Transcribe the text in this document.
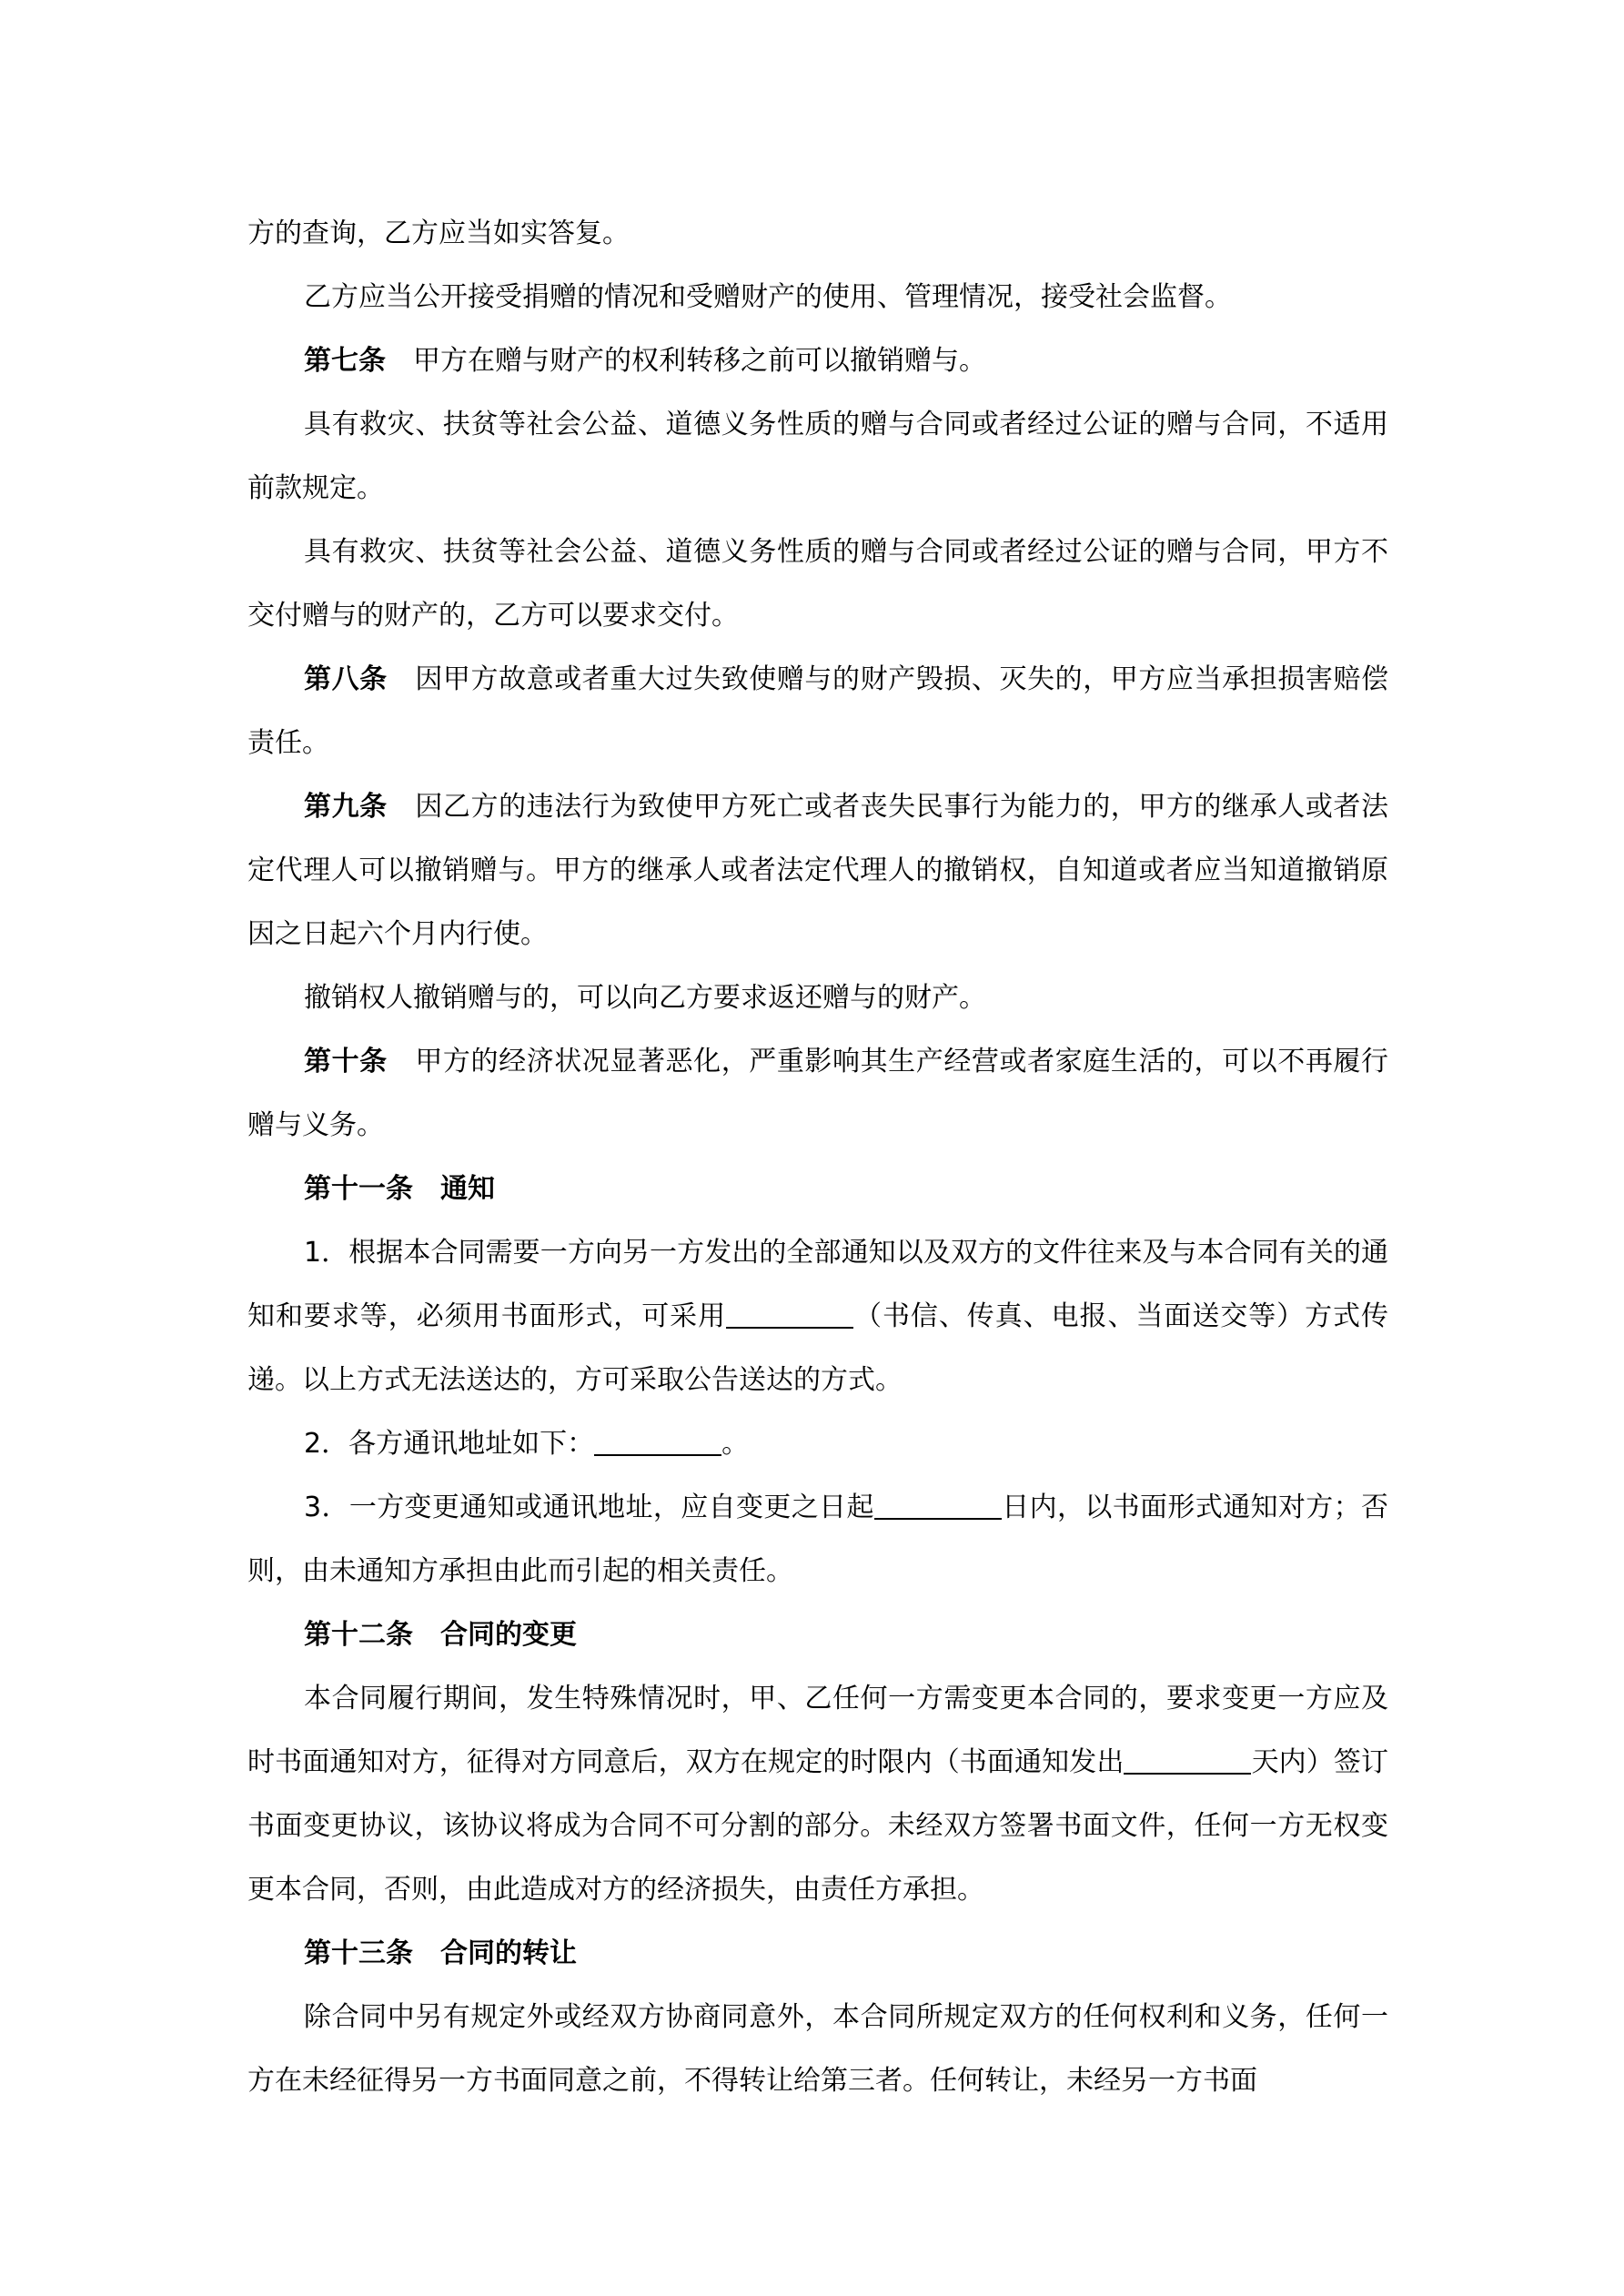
方的查询，乙方应当如实答复。

乙方应当公开接受捐赠的情况和受赠财产的使用、管理情况，接受社会监督。

第七条 甲方在赠与财产的权利转移之前可以撤销赠与。

具有救灾、扶贫等社会公益、道德义务性质的赠与合同或者经过公证的赠与合同，不适用前款规定。

具有救灾、扶贫等社会公益、道德义务性质的赠与合同或者经过公证的赠与合同，甲方不交付赠与的财产的，乙方可以要求交付。

第八条 因甲方故意或者重大过失致使赠与的财产毁损、灭失的，甲方应当承担损害赔偿责任。

第九条 因乙方的违法行为致使甲方死亡或者丧失民事行为能力的，甲方的继承人或者法定代理人可以撤销赠与。甲方的继承人或者法定代理人的撤销权，自知道或者应当知道撤销原因之日起六个月内行使。

撤销权人撤销赠与的，可以向乙方要求返还赠与的财产。

第十条 甲方的经济状况显著恶化，严重影响其生产经营或者家庭生活的，可以不再履行赠与义务。

第十一条 通知

1．根据本合同需要一方向另一方发出的全部通知以及双方的文件往来及与本合同有关的通知和要求等，必须用书面形式，可采用	（书信、传真、电报、当面送交等）方式传递。以上方式无法送达的，方可采取公告送达的方式。

2．各方通讯地址如下：	。

3．一方变更通知或通讯地址，应自变更之日起	日内，以书面形式通知对方；否则，由未通知方承担由此而引起的相关责任。

第十二条 合同的变更

本合同履行期间，发生特殊情况时，甲、乙任何一方需变更本合同的，要求变更一方应及时书面通知对方，征得对方同意后，双方在规定的时限内（书面通知发出	天内）签订书面变更协议，该协议将成为合同不可分割的部分。未经双方签署书面文件，任何一方无权变更本合同，否则，由此造成对方的经济损失，由责任方承担。

第十三条 合同的转让

除合同中另有规定外或经双方协商同意外，本合同所规定双方的任何权利和义务，任何一方在未经征得另一方书面同意之前，不得转让给第三者。任何转让，未经另一方书面
